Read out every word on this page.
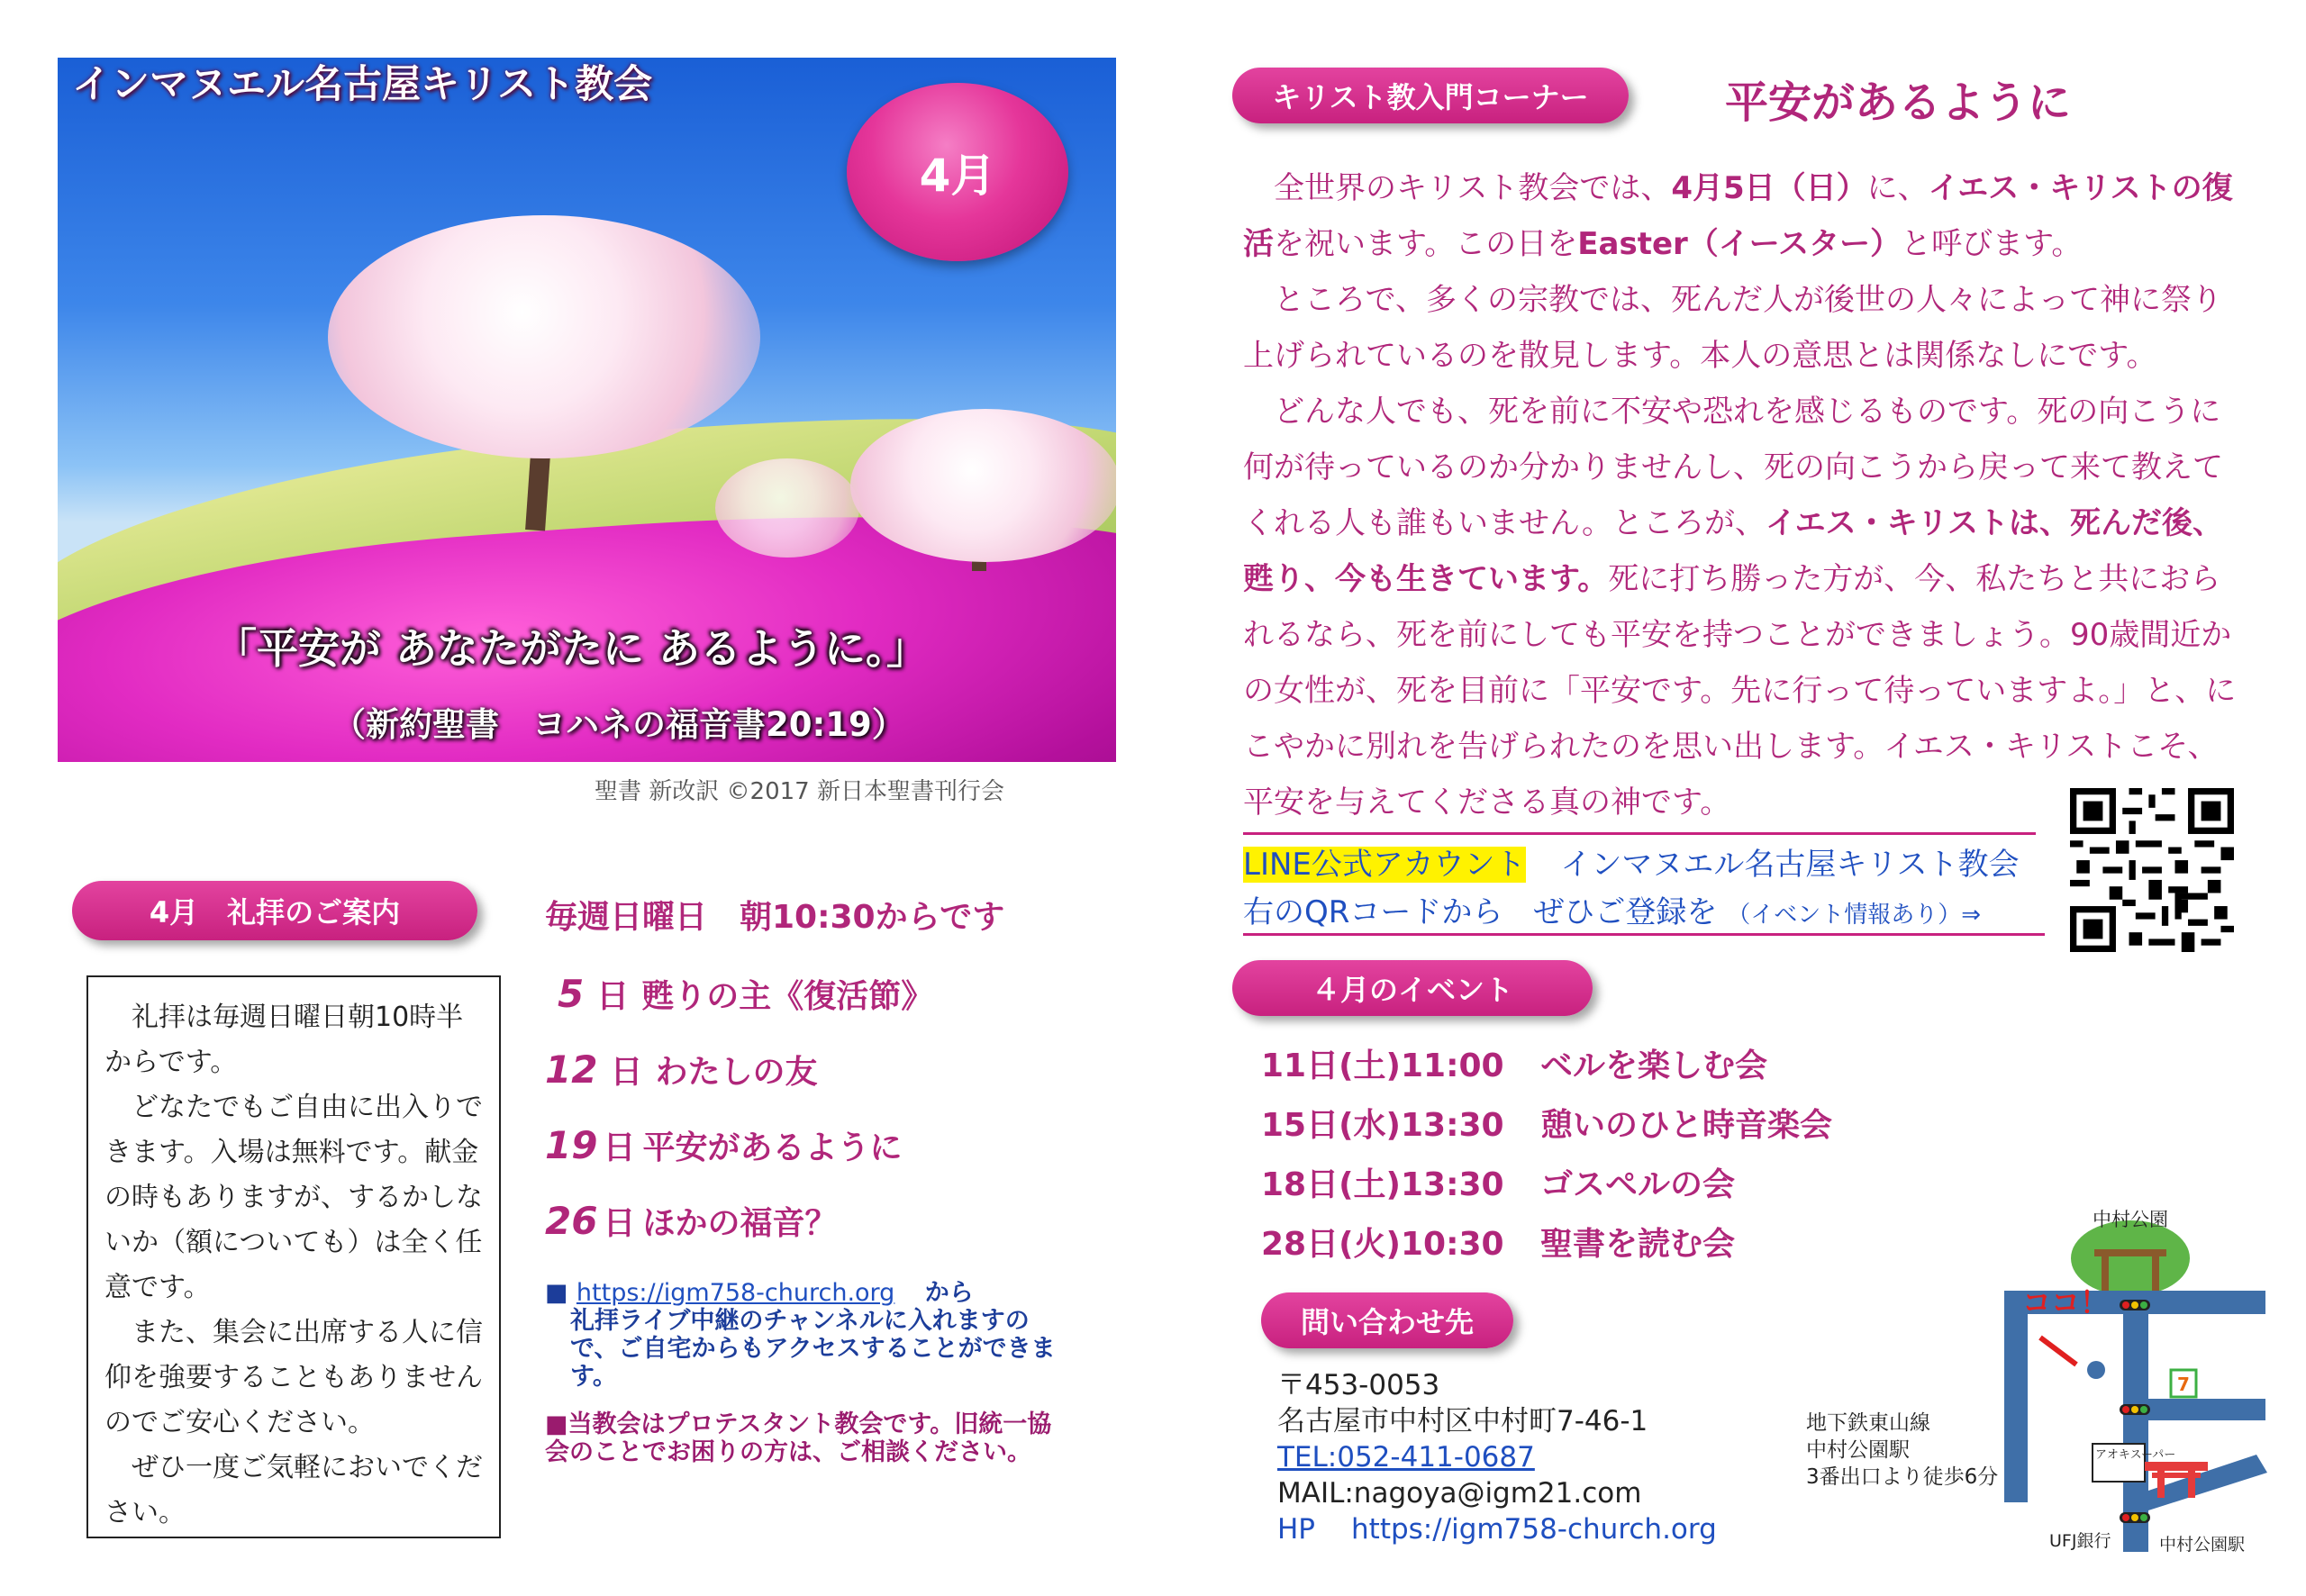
「平安が あなたがたに あるように。」
（新約聖書　ヨハネの福音書20:19）
インマヌエル名古屋キリスト教会
4月
聖書 新改訳 ©2017 新日本聖書刊行会
キリスト教入門コーナー	平安があるように

　全世界のキリスト教会では、4月5日（日）に、イエス・キリストの復活を祝います。この日をEaster（イースター）と呼びます。

　ところで、多くの宗教では、死んだ人が後世の人々によって神に祭り上げられているのを散見します。本人の意思とは関係なしにです。

　どんな人でも、死を前に不安や恐れを感じるものです。死の向こうに何が待っているのか分かりませんし、死の向こうから戻って来て教えてくれる人も誰もいません。ところが、イエス・キリストは、死んだ後、甦り、今も生きています。死に打ち勝った方が、今、私たちと共におられるなら、死を前にしても平安を持つことができましょう。90歳間近かの女性が、死を目前に「平安です。先に行って待っていますよ。」と、にこやかに別れを告げられたのを思い出します。イエス・キリストこそ、平安を与えてくださる真の神です。

LINE公式アカウント インマヌエル名古屋キリスト教会
右のQRコードから　ぜひご登録を （イベント情報あり）⇒
４月のイベント
11日(土)11:00	ベルを楽しむ会
15日(水)13:30	憩いのひと時音楽会
18日(土)13:30	ゴスペルの会
28日(火)10:30	聖書を読む会
問い合わせ先
〒453-0053
名古屋市中村区中村町7-46-1
TEL:052-411-0687
MAIL:nagoya@igm21.com
HP https://igm758-church.org
中村公園
ココ！
7
アオキスーパー
UFJ銀行	中村公園駅
地下鉄東山線
中村公園駅
3番出口より徒歩6分
4月　礼拝のご案内

礼拝は毎週日曜日朝10時半からです。

どなたでもご自由に出入りできます。入場は無料です。献金の時もありますが、するかしないか（額についても）は全く任意です。

また、集会に出席する人に信仰を強要することもありませんのでご安心ください。

ぜひ一度ご気軽においでください。

毎週日曜日　朝10:30からです
5 日 甦りの主《復活節》
12 日 わたしの友
19 日 平安があるように
26 日 ほかの福音？
■ https://igm758-church.org から
礼拝ライブ中継のチャンネルに入れますので、ご自宅からもアクセスすることができます。
■当教会はプロテスタント教会です。旧統一協会のことでお困りの方は、ご相談ください。
